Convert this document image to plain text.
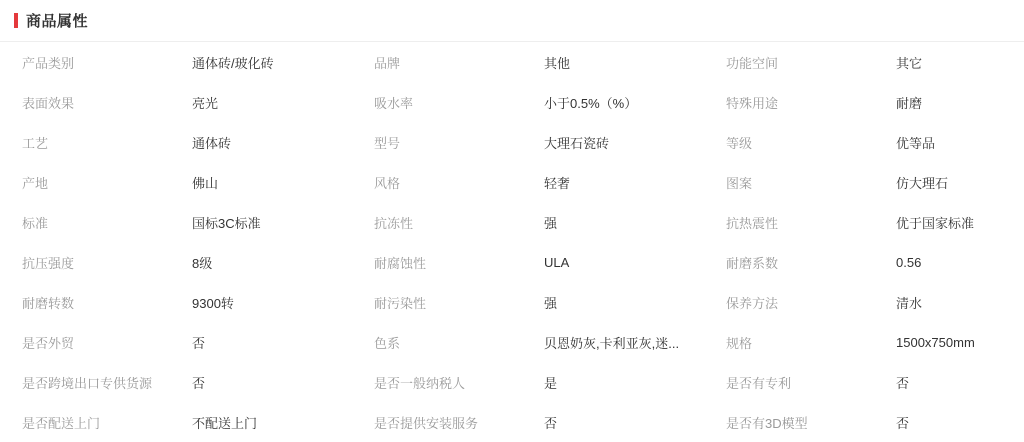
商品属性
产品类别	通体砖/玻化砖	品牌	其他	功能空间	其它
表面效果	亮光	吸水率	小于0.5%（%）	特殊用途	耐磨
工艺	通体砖	型号	大理石瓷砖	等级	优等品
产地	佛山	风格	轻奢	图案	仿大理石
标准	国标3C标准	抗冻性	强	抗热震性	优于国家标准
抗压强度	8级	耐腐蚀性	ULA	耐磨系数	0.56
耐磨转数	9300转	耐污染性	强	保养方法	清水
是否外贸	否	色系	贝恩奶灰,卡利亚灰,迷...	规格	1500x750mm
是否跨境出口专供货源	否	是否一般纳税人	是	是否有专利	否
是否配送上门	不配送上门	是否提供安装服务	否	是否有3D模型	否
